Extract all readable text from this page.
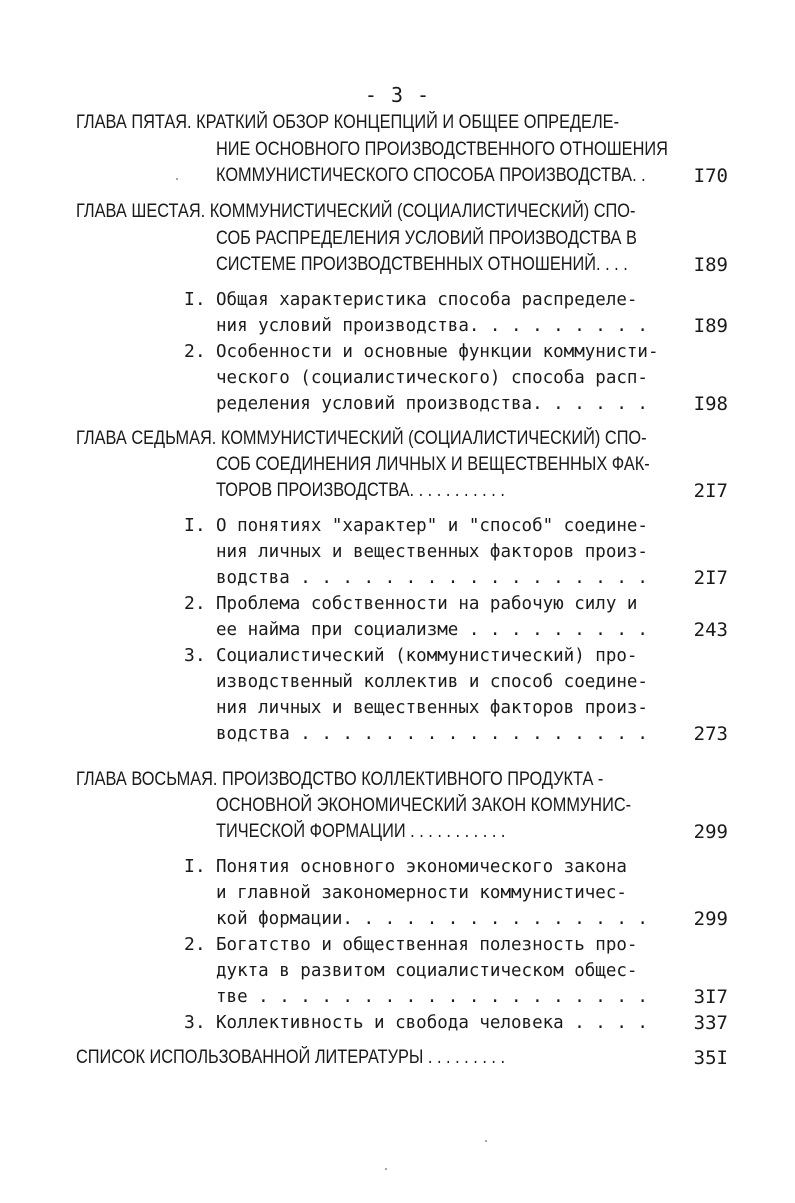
- 3 -
ГЛАВА ПЯТАЯ. КРАТКИЙ ОБЗОР КОНЦЕПЦИЙ И ОБЩЕЕ ОПРЕДЕЛЕ-
НИЕ ОСНОВНОГО ПРОИЗВОДСТВЕННОГО ОТНОШЕНИЯ
КОММУНИСТИЧЕСКОГО СПОСОБА ПРОИЗВОДСТВА. .	I70
ГЛАВА ШЕСТАЯ. КОММУНИСТИЧЕСКИЙ (СОЦИАЛИСТИЧЕСКИЙ) СПО-
СОБ РАСПРЕДЕЛЕНИЯ УСЛОВИЙ ПРОИЗВОДСТВА В
СИСТЕМЕ ПРОИЗВОДСТВЕННЫХ ОТНОШЕНИЙ. . . .	I89
I. Общая характеристика способа распределе-
ния условий производства. . . . . . . . . I89
2. Особенности и основные функции коммунисти-
ческого (социалистического) способа расп-
ределения условий производства. . . . . . I98
ГЛАВА СЕДЬМАЯ. КОММУНИСТИЧЕСКИЙ (СОЦИАЛИСТИЧЕСКИЙ) СПО-
СОБ СОЕДИНЕНИЯ ЛИЧНЫХ И ВЕЩЕСТВЕННЫХ ФАК-
ТОРОВ ПРОИЗВОДСТВА. . . . . . . . . . .	2I7
I. О понятиях "характер" и "способ" соедине-
ния личных и вещественных факторов произ-
водства . . . . . . . . . . . . . . . . . 2I7
2. Проблема собственности на рабочую силу и
ее найма при социализме . . . . . . . . . 243
3. Социалистический (коммунистический) про-
изводственный коллектив и способ соедине-
ния личных и вещественных факторов произ-
водства . . . . . . . . . . . . . . . . . 273
ГЛАВА ВОСЬМАЯ. ПРОИЗВОДСТВО КОЛЛЕКТИВНОГО ПРОДУКТА -
ОСНОВНОЙ ЭКОНОМИЧЕСКИЙ ЗАКОН КОММУНИС-
ТИЧЕСКОЙ ФОРМАЦИИ . . . . . . . . . . .	299
I. Понятия основного экономического закона
и главной закономерности коммунистичес-
кой формации. . . . . . . . . . . . . . . 299
2. Богатство и общественная полезность про-
дукта в развитом социалистическом общес-
тве . . . . . . . . . . . . . . . . . . . 3I7
3. Коллективность и свобода человека . . . . 337
СПИСОК ИСПОЛЬЗОВАННОЙ ЛИТЕРАТУРЫ . . . . . . . . .	35I
